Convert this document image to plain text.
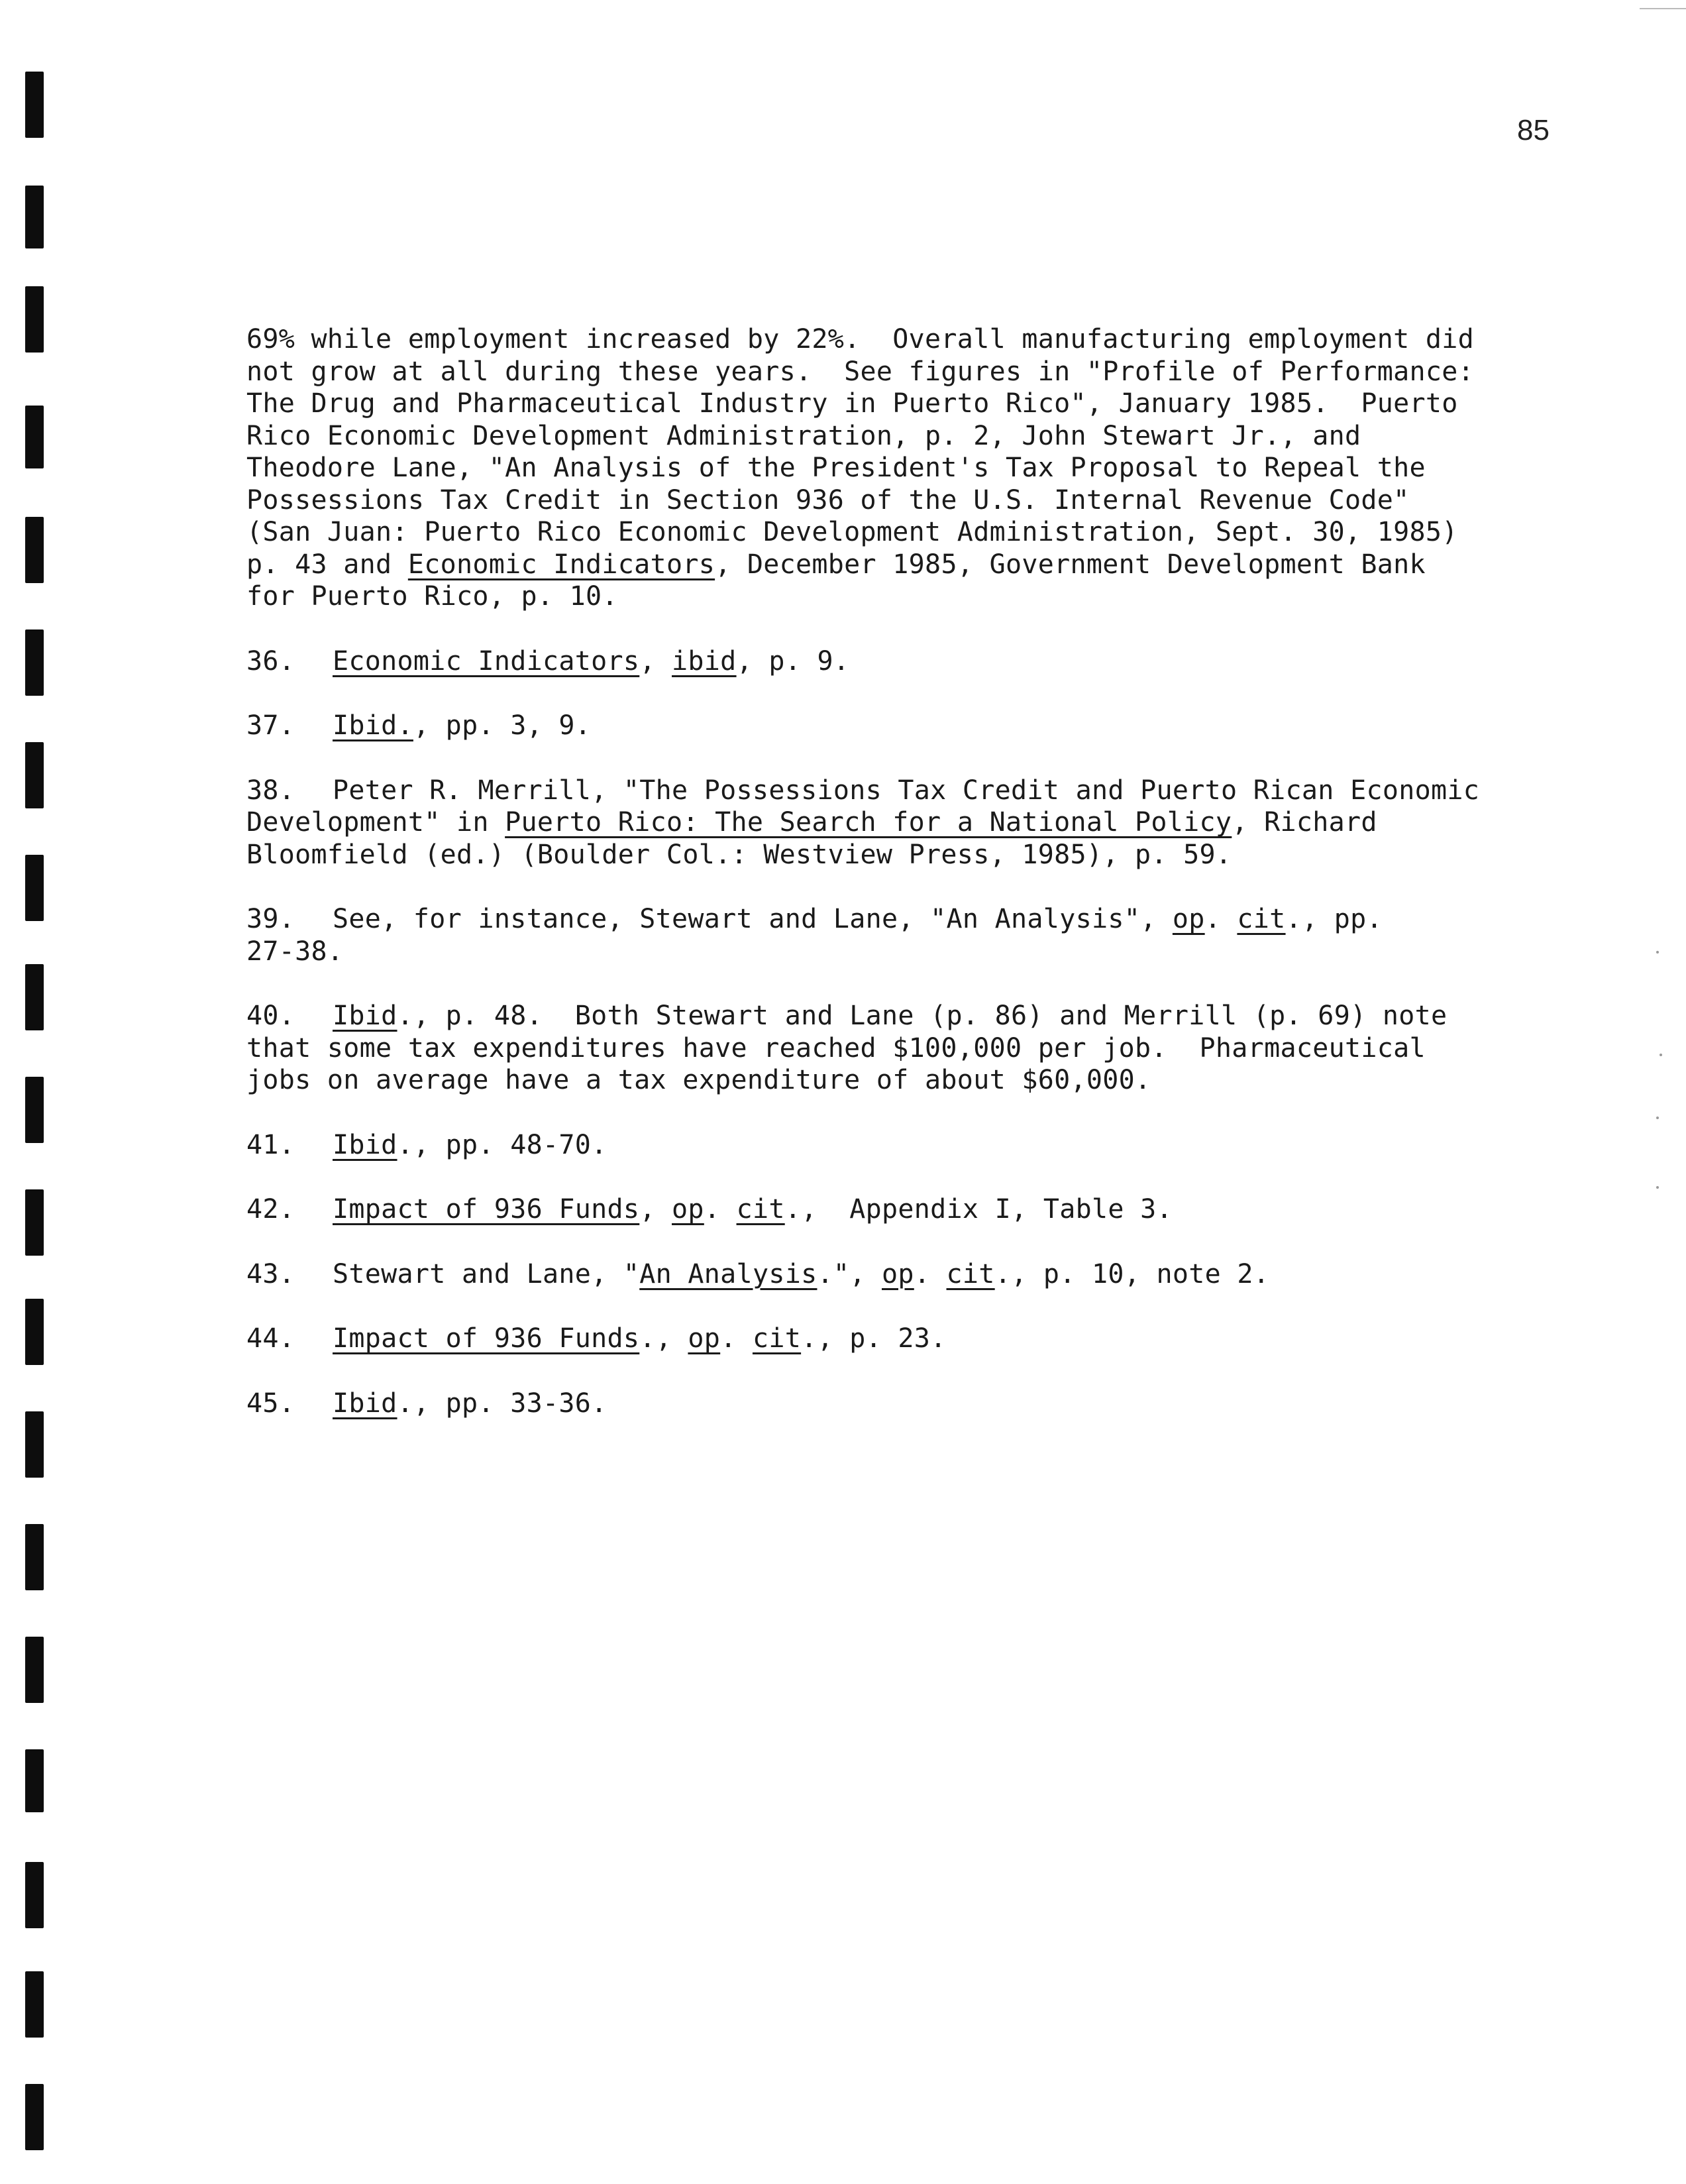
85
69% while employment increased by 22%.  Overall manufacturing employment did
not grow at all during these years.  See figures in "Profile of Performance:
The Drug and Pharmaceutical Industry in Puerto Rico", January 1985.  Puerto
Rico Economic Development Administration, p. 2, John Stewart Jr., and
Theodore Lane, "An Analysis of the President's Tax Proposal to Repeal the
Possessions Tax Credit in Section 936 of the U.S. Internal Revenue Code"
(San Juan: Puerto Rico Economic Development Administration, Sept. 30, 1985)
p. 43 and Economic Indicators, December 1985, Government Development Bank
for Puerto Rico, p. 10.
36. Economic Indicators, ibid, p. 9.
37. Ibid., pp. 3, 9.
38. Peter R. Merrill, "The Possessions Tax Credit and Puerto Rican Economic
Development" in Puerto Rico: The Search for a National Policy, Richard
Bloomfield (ed.) (Boulder Col.: Westview Press, 1985), p. 59.
39. See, for instance, Stewart and Lane, "An Analysis", op. cit., pp.
27-38.
40. Ibid., p. 48.  Both Stewart and Lane (p. 86) and Merrill (p. 69) note
that some tax expenditures have reached $100,000 per job.  Pharmaceutical
jobs on average have a tax expenditure of about $60,000.
41. Ibid., pp. 48-70.
42. Impact of 936 Funds, op. cit.,  Appendix I, Table 3.
43. Stewart and Lane, "An Analysis.", op. cit., p. 10, note 2.
44. Impact of 936 Funds., op. cit., p. 23.
45. Ibid., pp. 33-36.
